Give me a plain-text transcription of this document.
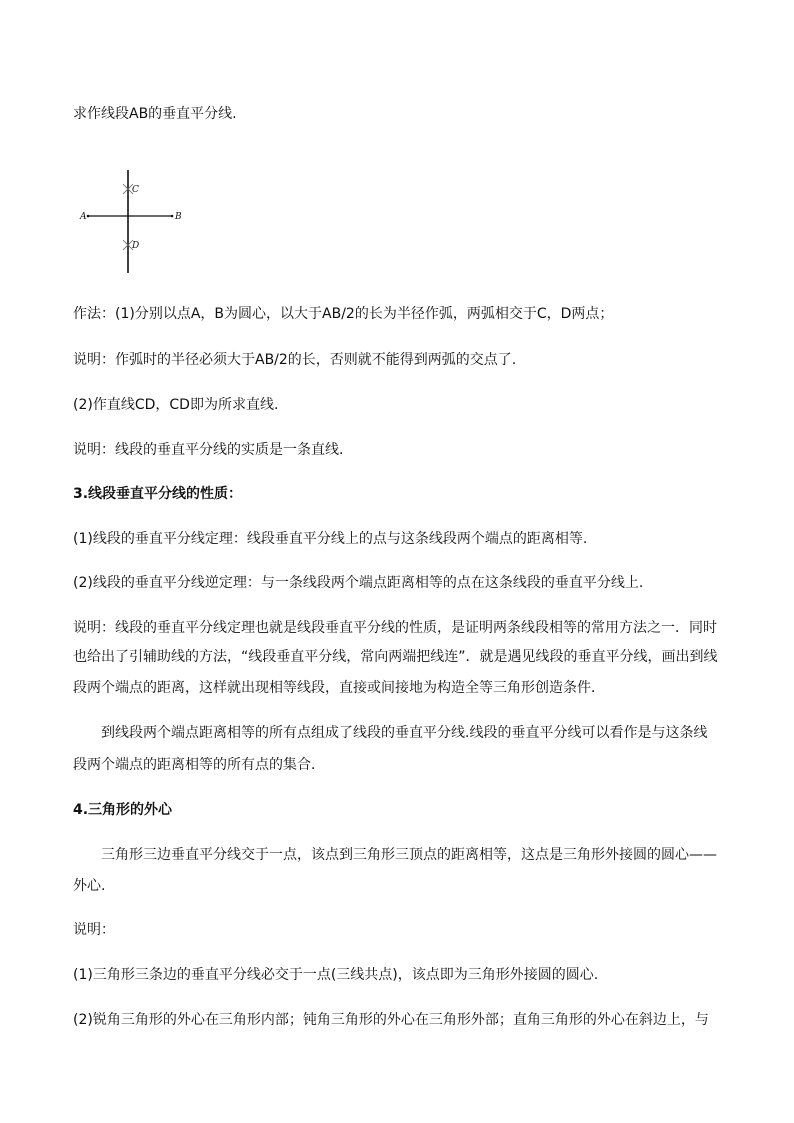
求作线段AB的垂直平分线.

A	B
C
D

作法：(1)分别以点A，B为圆心，以大于AB/2的长为半径作弧，两弧相交于C，D两点；

说明：作弧时的半径必须大于AB/2的长，否则就不能得到两弧的交点了.

(2)作直线CD，CD即为所求直线.

说明：线段的垂直平分线的实质是一条直线.

3.线段垂直平分线的性质：

(1)线段的垂直平分线定理：线段垂直平分线上的点与这条线段两个端点的距离相等.

(2)线段的垂直平分线逆定理：与一条线段两个端点距离相等的点在这条线段的垂直平分线上.

说明：线段的垂直平分线定理也就是线段垂直平分线的性质，是证明两条线段相等的常用方法之一．同时

也给出了引辅助线的方法，“线段垂直平分线，常向两端把线连”．就是遇见线段的垂直平分线，画出到线

段两个端点的距离，这样就出现相等线段，直接或间接地为构造全等三角形创造条件．

到线段两个端点距离相等的所有点组成了线段的垂直平分线.线段的垂直平分线可以看作是与这条线

段两个端点的距离相等的所有点的集合．

4.三角形的外心

三角形三边垂直平分线交于一点，该点到三角形三顶点的距离相等，这点是三角形外接圆的圆心——

外心.

说明：

(1)三角形三条边的垂直平分线必交于一点(三线共点)，该点即为三角形外接圆的圆心.

(2)锐角三角形的外心在三角形内部；钝角三角形的外心在三角形外部；直角三角形的外心在斜边上，与
